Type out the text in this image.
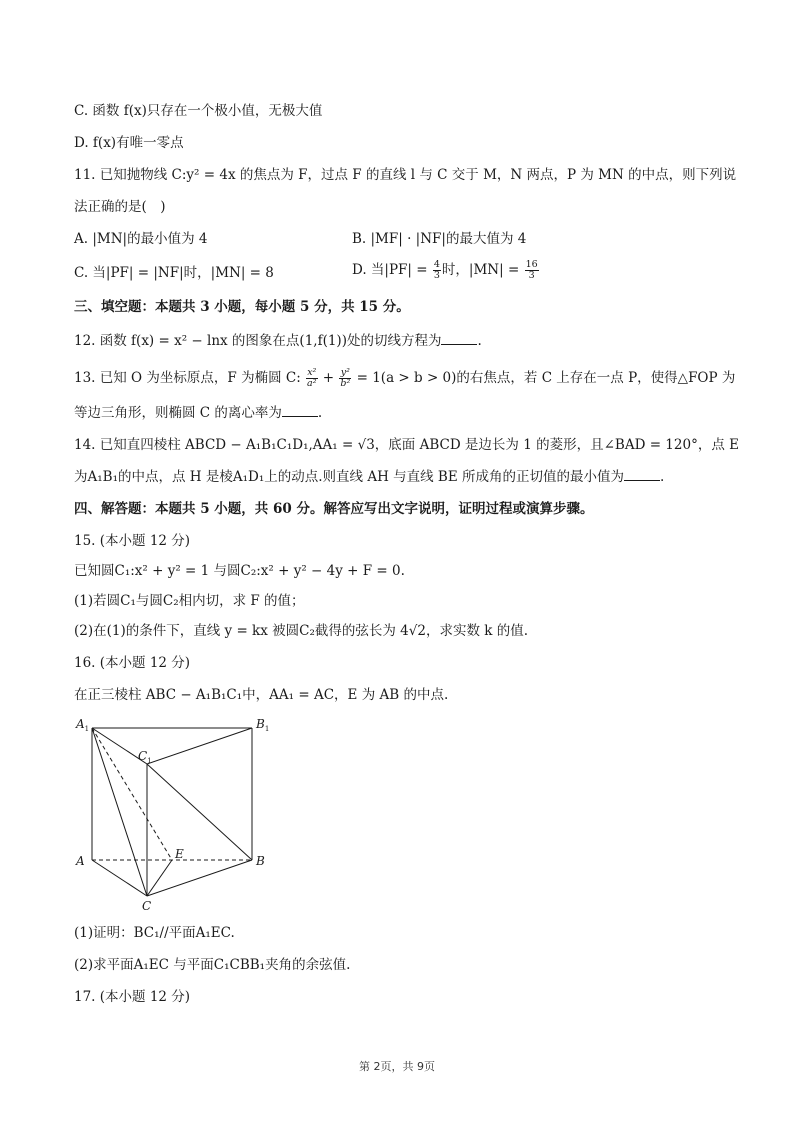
C. 函数 f(x)只存在一个极小值，无极大值
D. f(x)有唯一零点
11. 已知抛物线 C:y² = 4x 的焦点为 F，过点 F 的直线 l 与 C 交于 M，N 两点，P 为 MN 的中点，则下列说
法正确的是(　)
A. |MN|的最小值为 4	B. |MF| · |NF|的最大值为 4
C. 当|PF| = |NF|时，|MN| = 8	D. 当$|PF| = \frac{4}{3}$ 时，$|MN| = \frac{16}{3}$
三、填空题：本题共 3 小题，每小题 5 分，共 15 分。
12. 函数 f(x) = x² − lnx 的图象在点(1,f(1))处的切线方程为	.
13. 已知 O 为坐标原点，F 为椭圆 C: $\frac{\text{x²}}{\text{a²}} + \frac{\text{y²}}{\text{b²}} = 1(a > b > 0)$的右焦点，若 C 上存在一点 P，使得△FOP 为
等边三角形，则椭圆 C 的离心率为	.
14. 已知直四棱柱 ABCD − A₁B₁C₁D₁,AA₁ = √3，底面 ABCD 是边长为 1 的菱形，且∠BAD = 120°，点 E
为A₁B₁的中点，点 H 是棱A₁D₁上的动点.则直线 AH 与直线 BE 所成角的正切值的最小值为	.
四、解答题：本题共 5 小题，共 60 分。解答应写出文字说明，证明过程或演算步骤。
15. (本小题 12 分)
已知圆C₁:x² + y² = 1 与圆C₂:x² + y² − 4y + F = 0.
(1)若圆C₁与圆C₂相内切，求 F 的值；
(2)在(1)的条件下，直线 y = kx 被圆C₂截得的弦长为 4√2，求实数 k 的值.
16. (本小题 12 分)
在正三棱柱 ABC − A₁B₁C₁中，AA₁ = AC，E 为 AB 的中点.
$A_1$	$B_1$
$C_1$
A	B
C
E
(1)证明：BC₁//平面A₁EC.
(2)求平面A₁EC 与平面C₁CBB₁夹角的余弦值.
17. (本小题 12 分)
第 2页，共 9页
